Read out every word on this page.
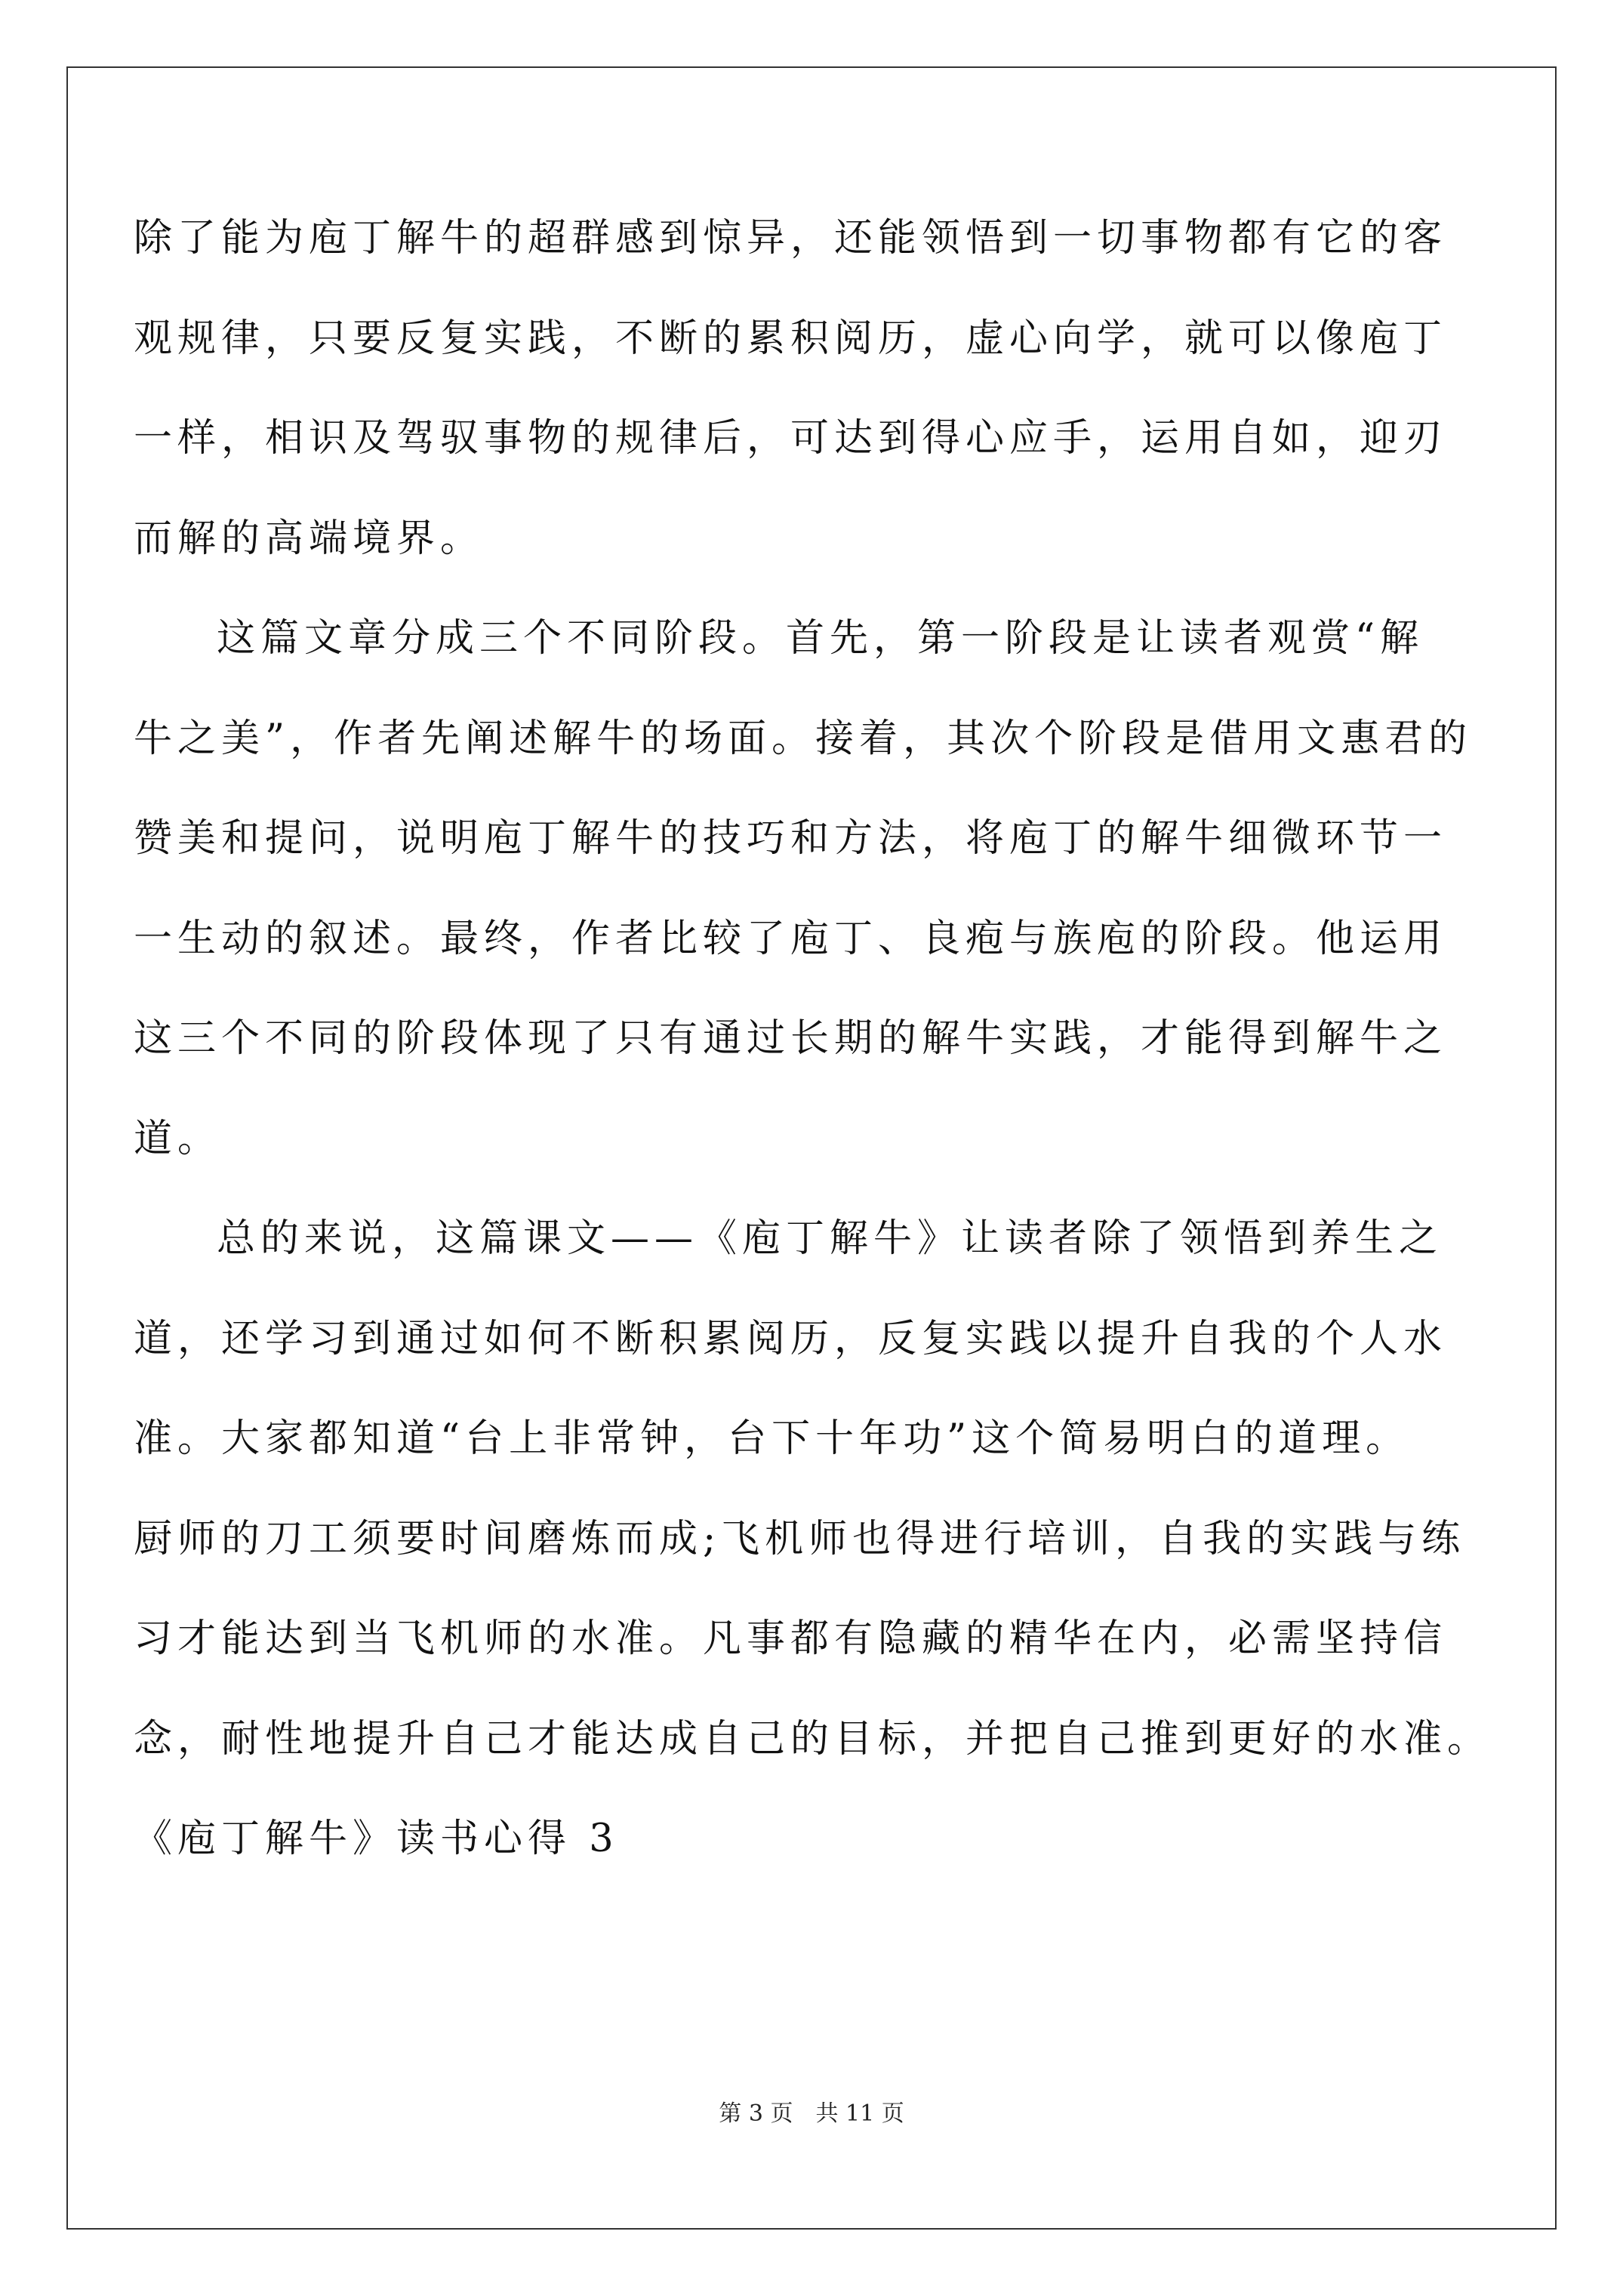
除了能为庖丁解牛的超群感到惊异，还能领悟到一切事物都有它的客
观规律，只要反复实践，不断的累积阅历，虚心向学，就可以像庖丁
一样，相识及驾驭事物的规律后，可达到得心应手，运用自如，迎刃
而解的高端境界。
这篇文章分成三个不同阶段。首先，第一阶段是让读者观赏“解
牛之美”，作者先阐述解牛的场面。接着，其次个阶段是借用文惠君的
赞美和提问，说明庖丁解牛的技巧和方法，将庖丁的解牛细微环节一
一生动的叙述。最终，作者比较了庖丁、良疱与族庖的阶段。他运用
这三个不同的阶段体现了只有通过长期的解牛实践，才能得到解牛之
道。
总的来说，这篇课文——《庖丁解牛》让读者除了领悟到养生之
道，还学习到通过如何不断积累阅历，反复实践以提升自我的个人水
准。大家都知道“台上非常钟，台下十年功”这个简易明白的道理。
厨师的刀工须要时间磨炼而成;飞机师也得进行培训，自我的实践与练
习才能达到当飞机师的水准。凡事都有隐藏的精华在内，必需坚持信
念，耐性地提升自己才能达成自己的目标，并把自己推到更好的水准。
《庖丁解牛》读书心得 3
第 3 页　共 11 页
